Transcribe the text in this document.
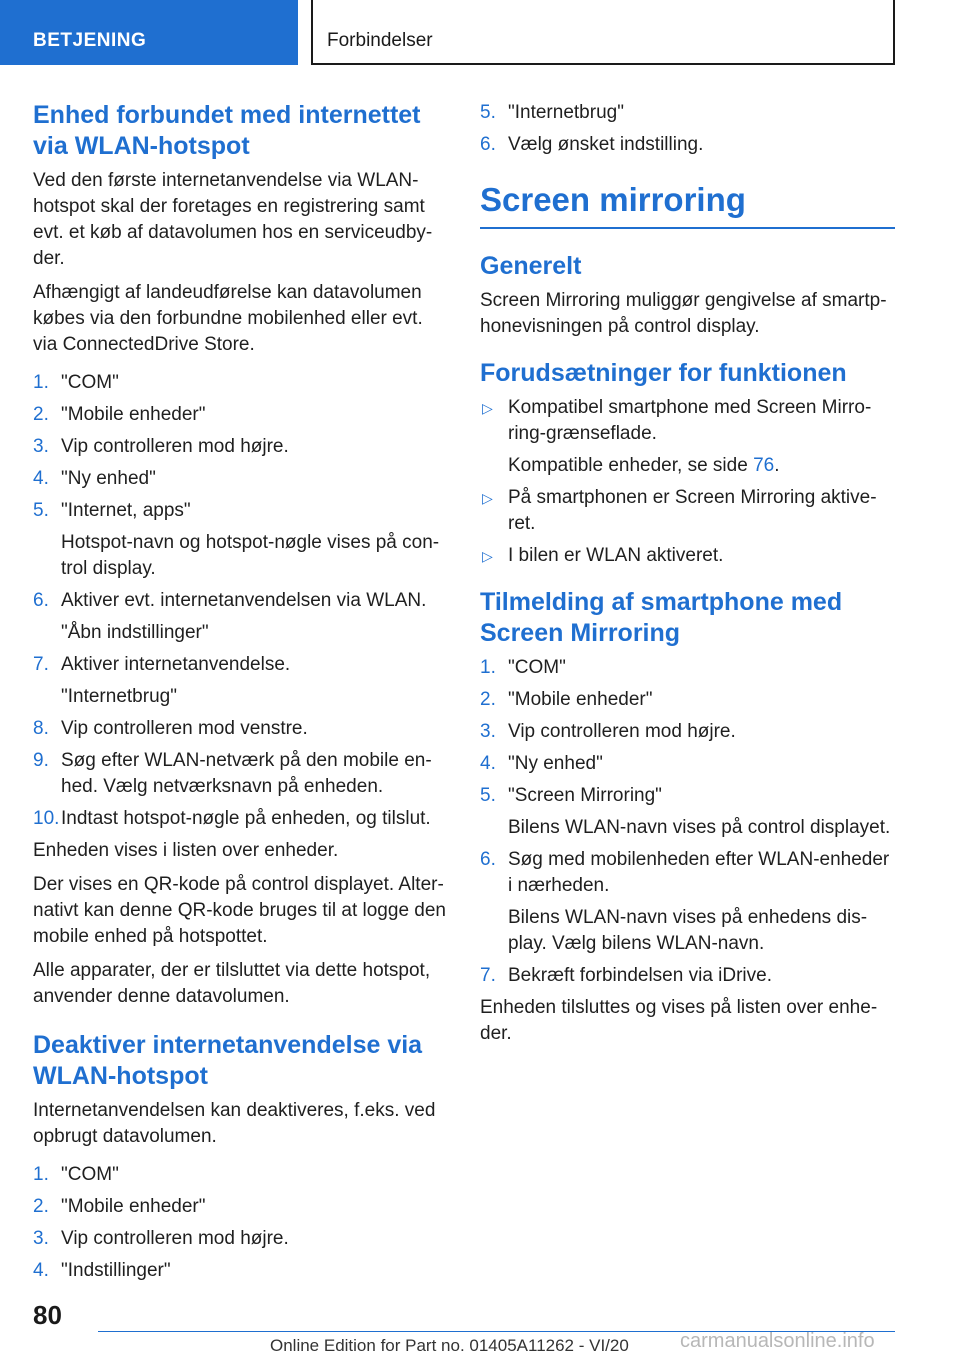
BETJENING	Forbindelser
Enhed forbundet med internettet via WLAN-hotspot

Ved den første internetanvendelse via WLAN-hotspot skal der foretages en registrering samt evt. et køb af datavolumen hos en serviceudbyder.

Afhængigt af landeudførelse kan datavolumen købes via den forbundne mobilenhed eller evt. via ConnectedDrive Store.

1. "COM"
2. "Mobile enheder"
3. Vip controlleren mod højre.
4. "Ny enhed"
5. "Internet, apps"
Hotspot-navn og hotspot-nøgle vises på control display.
6. Aktiver evt. internetanvendelsen via WLAN.
"Åbn indstillinger"
7. Aktiver internetanvendelse.
"Internetbrug"
8. Vip controlleren mod venstre.
9. Søg efter WLAN-netværk på den mobile enhed. Vælg netværksnavn på enheden.
10. Indtast hotspot-nøgle på enheden, og tilslut.

Enheden vises i listen over enheder.

Der vises en QR-kode på control displayet. Alternativt kan denne QR-kode bruges til at logge den mobile enhed på hotspottet.

Alle apparater, der er tilsluttet via dette hotspot, anvender denne datavolumen.

Deaktiver internetanvendelse via WLAN-hotspot

Internetanvendelsen kan deaktiveres, f.eks. ved opbrugt datavolumen.

1. "COM"
2. "Mobile enheder"
3. Vip controlleren mod højre.
4. "Indstillinger"
5. "Internetbrug"
6. Vælg ønsket indstilling.
Screen mirroring
Generelt

Screen Mirroring muliggør gengivelse af smartphonevisningen på control display.

Forudsætninger for funktionen
▷ Kompatibel smartphone med Screen Mirroring-grænseflade.
Kompatible enheder, se side 76.
▷ På smartphonen er Screen Mirroring aktiveret.
▷ I bilen er WLAN aktiveret.
Tilmelding af smartphone med Screen Mirroring
1. "COM"
2. "Mobile enheder"
3. Vip controlleren mod højre.
4. "Ny enhed"
5. "Screen Mirroring"
Bilens WLAN-navn vises på control displayet.
6. Søg med mobilenheden efter WLAN-enheder i nærheden.
Bilens WLAN-navn vises på enhedens display. Vælg bilens WLAN-navn.
7. Bekræft forbindelsen via iDrive.

Enheden tilsluttes og vises på listen over enheder.

80
Online Edition for Part no. 01405A11262 - VI/20	carmanualsonline.info
